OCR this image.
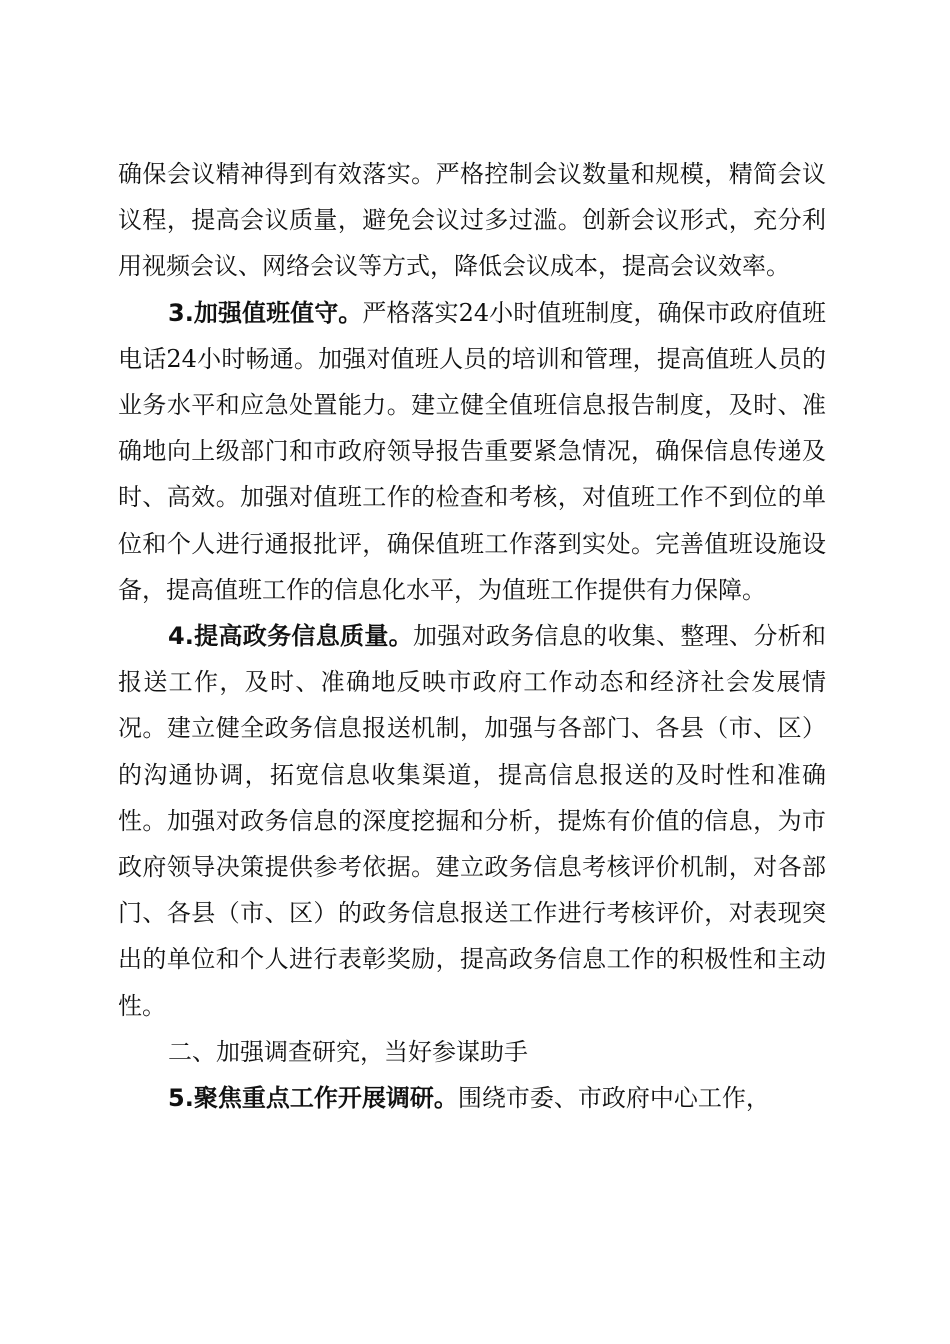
确保会议精神得到有效落实。严格控制会议数量和规模，精简会议议程，提高会议质量，避免会议过多过滥。创新会议形式，充分利用视频会议、网络会议等方式，降低会议成本，提高会议效率。

3.加强值班值守。严格落实24小时值班制度，确保市政府值班电话24小时畅通。加强对值班人员的培训和管理，提高值班人员的业务水平和应急处置能力。建立健全值班信息报告制度，及时、准确地向上级部门和市政府领导报告重要紧急情况，确保信息传递及时、高效。加强对值班工作的检查和考核，对值班工作不到位的单位和个人进行通报批评，确保值班工作落到实处。完善值班设施设备，提高值班工作的信息化水平，为值班工作提供有力保障。

4.提高政务信息质量。加强对政务信息的收集、整理、分析和报送工作，及时、准确地反映市政府工作动态和经济社会发展情况。建立健全政务信息报送机制，加强与各部门、各县（市、区）的沟通协调，拓宽信息收集渠道，提高信息报送的及时性和准确性。加强对政务信息的深度挖掘和分析，提炼有价值的信息，为市政府领导决策提供参考依据。建立政务信息考核评价机制，对各部门、各县（市、区）的政务信息报送工作进行考核评价，对表现突出的单位和个人进行表彰奖励，提高政务信息工作的积极性和主动性。

二、加强调查研究，当好参谋助手

5.聚焦重点工作开展调研。围绕市委、市政府中心工作，
